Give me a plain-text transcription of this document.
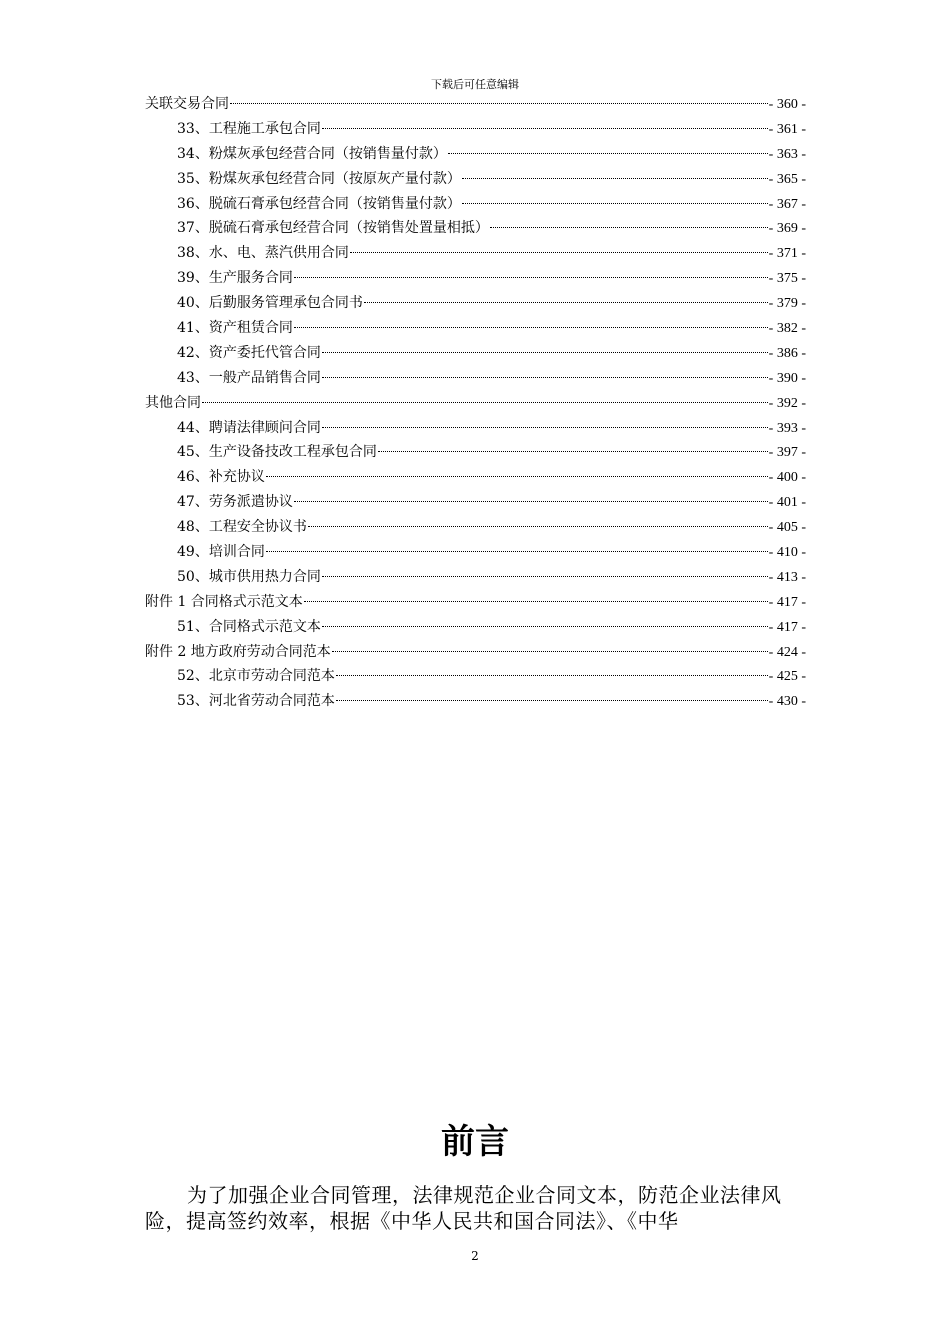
下载后可任意编辑
关联交易合同	- 360 -
33、工程施工承包合同	- 361 -
34、粉煤灰承包经营合同（按销售量付款）	- 363 -
35、粉煤灰承包经营合同（按原灰产量付款）	- 365 -
36、脱硫石膏承包经营合同（按销售量付款）	- 367 -
37、脱硫石膏承包经营合同（按销售处置量相抵）	- 369 -
38、水、电、蒸汽供用合同	- 371 -
39、生产服务合同	- 375 -
40、后勤服务管理承包合同书	- 379 -
41、资产租赁合同	- 382 -
42、资产委托代管合同	- 386 -
43、一般产品销售合同	- 390 -
其他合同	- 392 -
44、聘请法律顾问合同	- 393 -
45、生产设备技改工程承包合同	- 397 -
46、补充协议	- 400 -
47、劳务派遣协议	- 401 -
48、工程安全协议书	- 405 -
49、培训合同	- 410 -
50、城市供用热力合同	- 413 -
附件 1 合同格式示范文本	- 417 -
51、合同格式示范文本	- 417 -
附件 2 地方政府劳动合同范本	- 424 -
52、北京市劳动合同范本	- 425 -
53、河北省劳动合同范本	- 430 -
前言
为了加强企业合同管理，法律规范企业合同文本，防范企业法律风险，提高签约效率，根据《中华人民共和国合同法》、《中华
2
